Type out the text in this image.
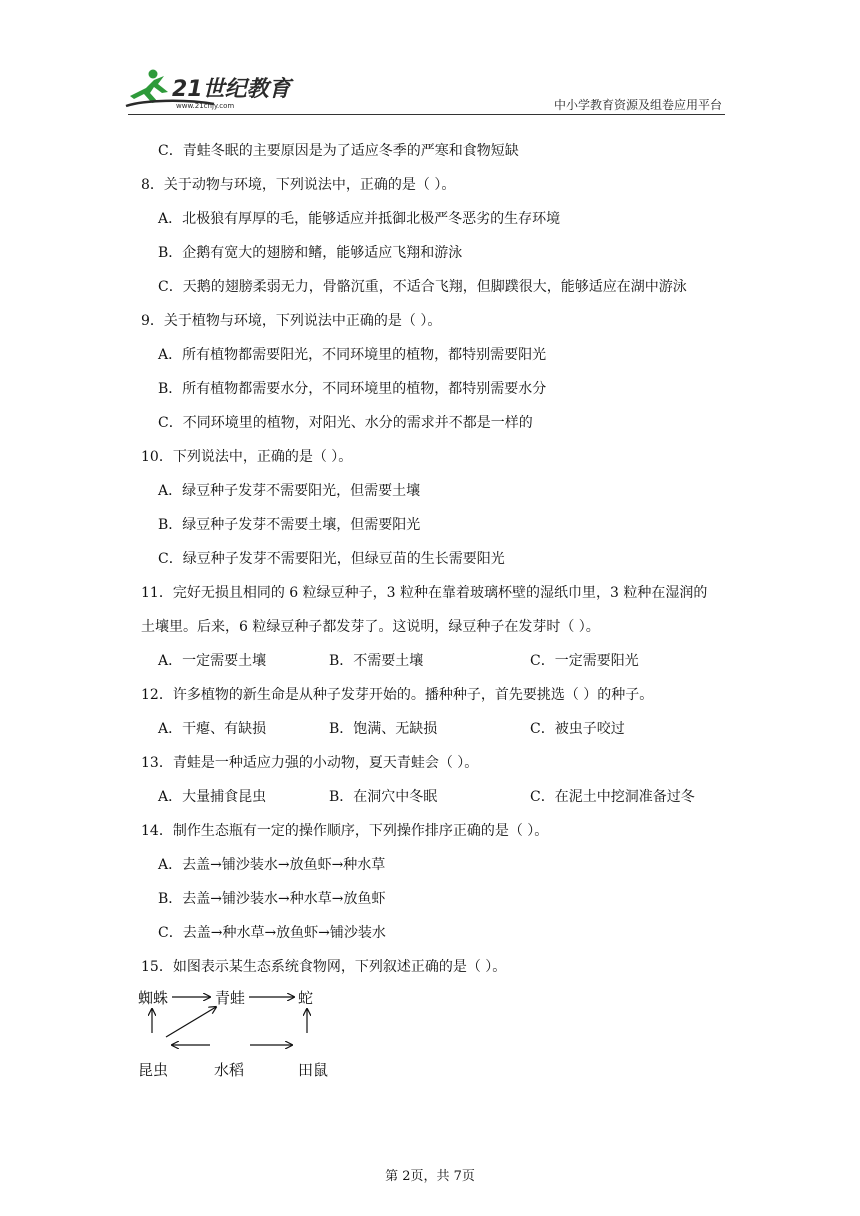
21世纪教育
www.21cnjy.com	中小学教育资源及组卷应用平台
C．青蛙冬眠的主要原因是为了适应冬季的严寒和食物短缺
8．关于动物与环境，下列说法中，正确的是（ ）。
A．北极狼有厚厚的毛，能够适应并抵御北极严冬恶劣的生存环境
B．企鹅有宽大的翅膀和鳍，能够适应飞翔和游泳
C．天鹅的翅膀柔弱无力，骨骼沉重，不适合飞翔，但脚蹼很大，能够适应在湖中游泳
9．关于植物与环境，下列说法中正确的是（ ）。
A．所有植物都需要阳光，不同环境里的植物，都特别需要阳光
B．所有植物都需要水分，不同环境里的植物，都特别需要水分
C．不同环境里的植物，对阳光、水分的需求并不都是一样的
10．下列说法中，正确的是（ ）。
A．绿豆种子发芽不需要阳光，但需要土壤
B．绿豆种子发芽不需要土壤，但需要阳光
C．绿豆种子发芽不需要阳光，但绿豆苗的生长需要阳光
11．完好无损且相同的 6 粒绿豆种子，3 粒种在靠着玻璃杯壁的湿纸巾里，3 粒种在湿润的
土壤里。后来，6 粒绿豆种子都发芽了。这说明，绿豆种子在发芽时（ ）。
A．一定需要土壤	B．不需要土壤	C．一定需要阳光
12．许多植物的新生命是从种子发芽开始的。播种种子，首先要挑选（ ）的种子。
A．干瘪、有缺损	B．饱满、无缺损	C．被虫子咬过
13．青蛙是一种适应力强的小动物，夏天青蛙会（ ）。
A．大量捕食昆虫	B．在洞穴中冬眠	C．在泥土中挖洞准备过冬
14．制作生态瓶有一定的操作顺序，下列操作排序正确的是（ ）。
A．去盖→铺沙装水→放鱼虾→种水草
B．去盖→铺沙装水→种水草→放鱼虾
C．去盖→种水草→放鱼虾→铺沙装水
15．如图表示某生态系统食物网，下列叙述正确的是（ ）。
蜘蛛	青蛙	蛇
昆虫	水稻	田鼠
第 2页，共 7页
